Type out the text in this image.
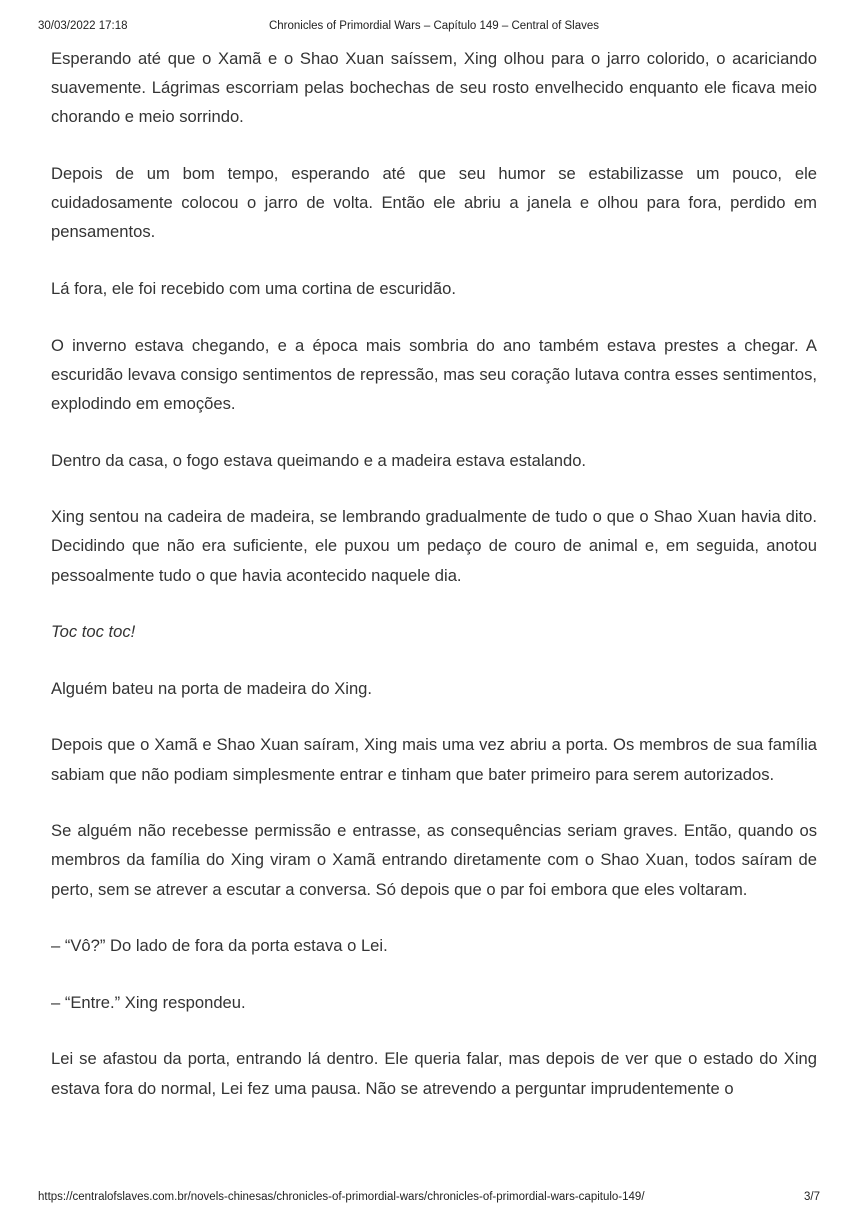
30/03/2022 17:18	Chronicles of Primordial Wars – Capítulo 149 – Central of Slaves

Esperando até que o Xamã e o Shao Xuan saíssem, Xing olhou para o jarro colorido, o acariciando suavemente. Lágrimas escorriam pelas bochechas de seu rosto envelhecido enquanto ele ficava meio chorando e meio sorrindo.

Depois de um bom tempo, esperando até que seu humor se estabilizasse um pouco, ele cuidadosamente colocou o jarro de volta. Então ele abriu a janela e olhou para fora, perdido em pensamentos.

Lá fora, ele foi recebido com uma cortina de escuridão.

O inverno estava chegando, e a época mais sombria do ano também estava prestes a chegar. A escuridão levava consigo sentimentos de repressão, mas seu coração lutava contra esses sentimentos, explodindo em emoções.

Dentro da casa, o fogo estava queimando e a madeira estava estalando.

Xing sentou na cadeira de madeira, se lembrando gradualmente de tudo o que o Shao Xuan havia dito. Decidindo que não era suficiente, ele puxou um pedaço de couro de animal e, em seguida, anotou pessoalmente tudo o que havia acontecido naquele dia.

Toc toc toc!

Alguém bateu na porta de madeira do Xing.

Depois que o Xamã e Shao Xuan saíram, Xing mais uma vez abriu a porta. Os membros de sua família sabiam que não podiam simplesmente entrar e tinham que bater primeiro para serem autorizados.

Se alguém não recebesse permissão e entrasse, as consequências seriam graves. Então, quando os membros da família do Xing viram o Xamã entrando diretamente com o Shao Xuan, todos saíram de perto, sem se atrever a escutar a conversa. Só depois que o par foi embora que eles voltaram.

– “Vô?” Do lado de fora da porta estava o Lei.

– “Entre.” Xing respondeu.

Lei se afastou da porta, entrando lá dentro. Ele queria falar, mas depois de ver que o estado do Xing estava fora do normal, Lei fez uma pausa. Não se atrevendo a perguntar imprudentemente o

https://centralofslaves.com.br/novels-chinesas/chronicles-of-primordial-wars/chronicles-of-primordial-wars-capitulo-149/	3/7
